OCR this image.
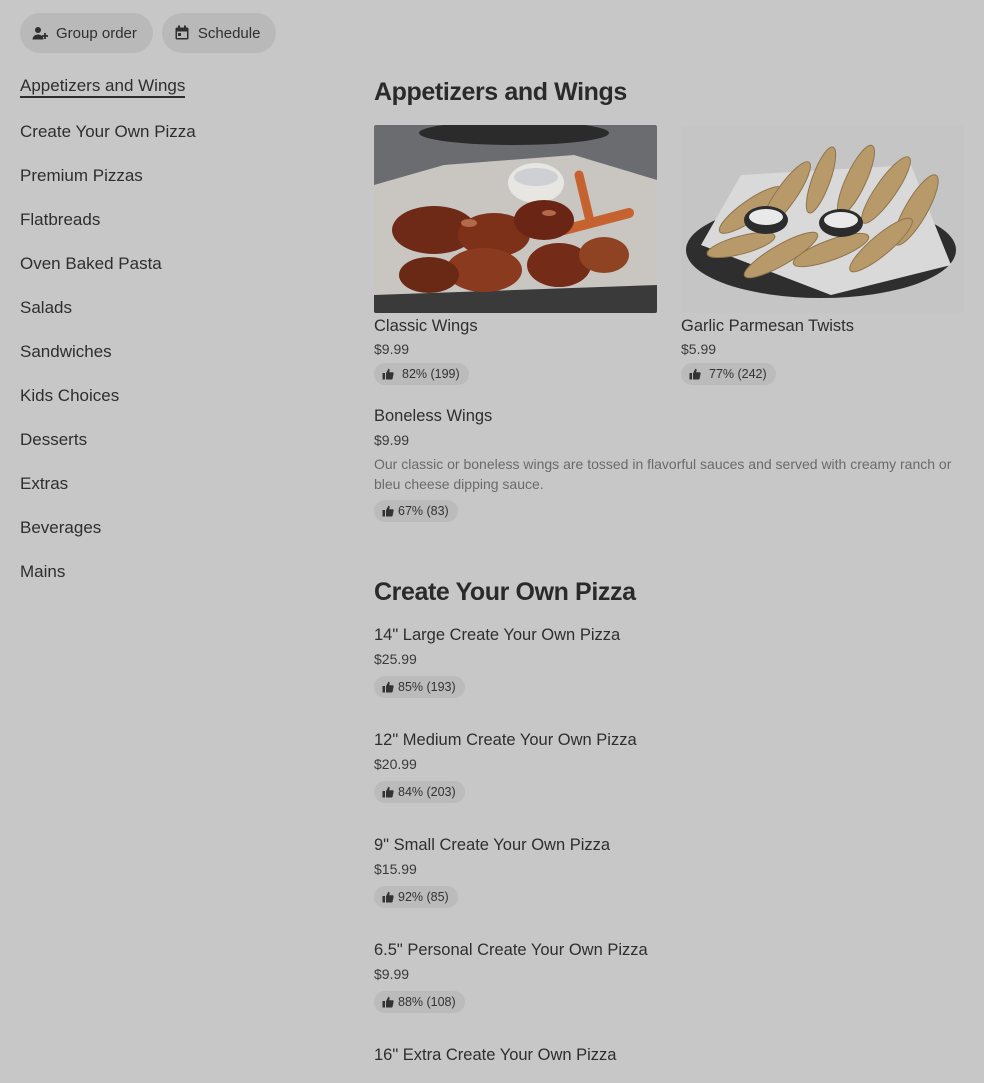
Group order	Schedule
Appetizers and Wings
Create Your Own Pizza
Premium Pizzas
Flatbreads
Oven Baked Pasta
Salads
Sandwiches
Kids Choices
Desserts
Extras
Beverages
Mains
Appetizers and Wings
Classic Wings
$9.99
82% (199)
Garlic Parmesan Twists
$5.99
77% (242)
Boneless Wings
$9.99
Our classic or boneless wings are tossed in flavorful sauces and served with creamy ranch or bleu cheese dipping sauce.
67% (83)
Create Your Own Pizza
14" Large Create Your Own Pizza
$25.99
85% (193)
12" Medium Create Your Own Pizza
$20.99
84% (203)
9" Small Create Your Own Pizza
$15.99
92% (85)
6.5" Personal Create Your Own Pizza
$9.99
88% (108)
16" Extra Create Your Own Pizza
